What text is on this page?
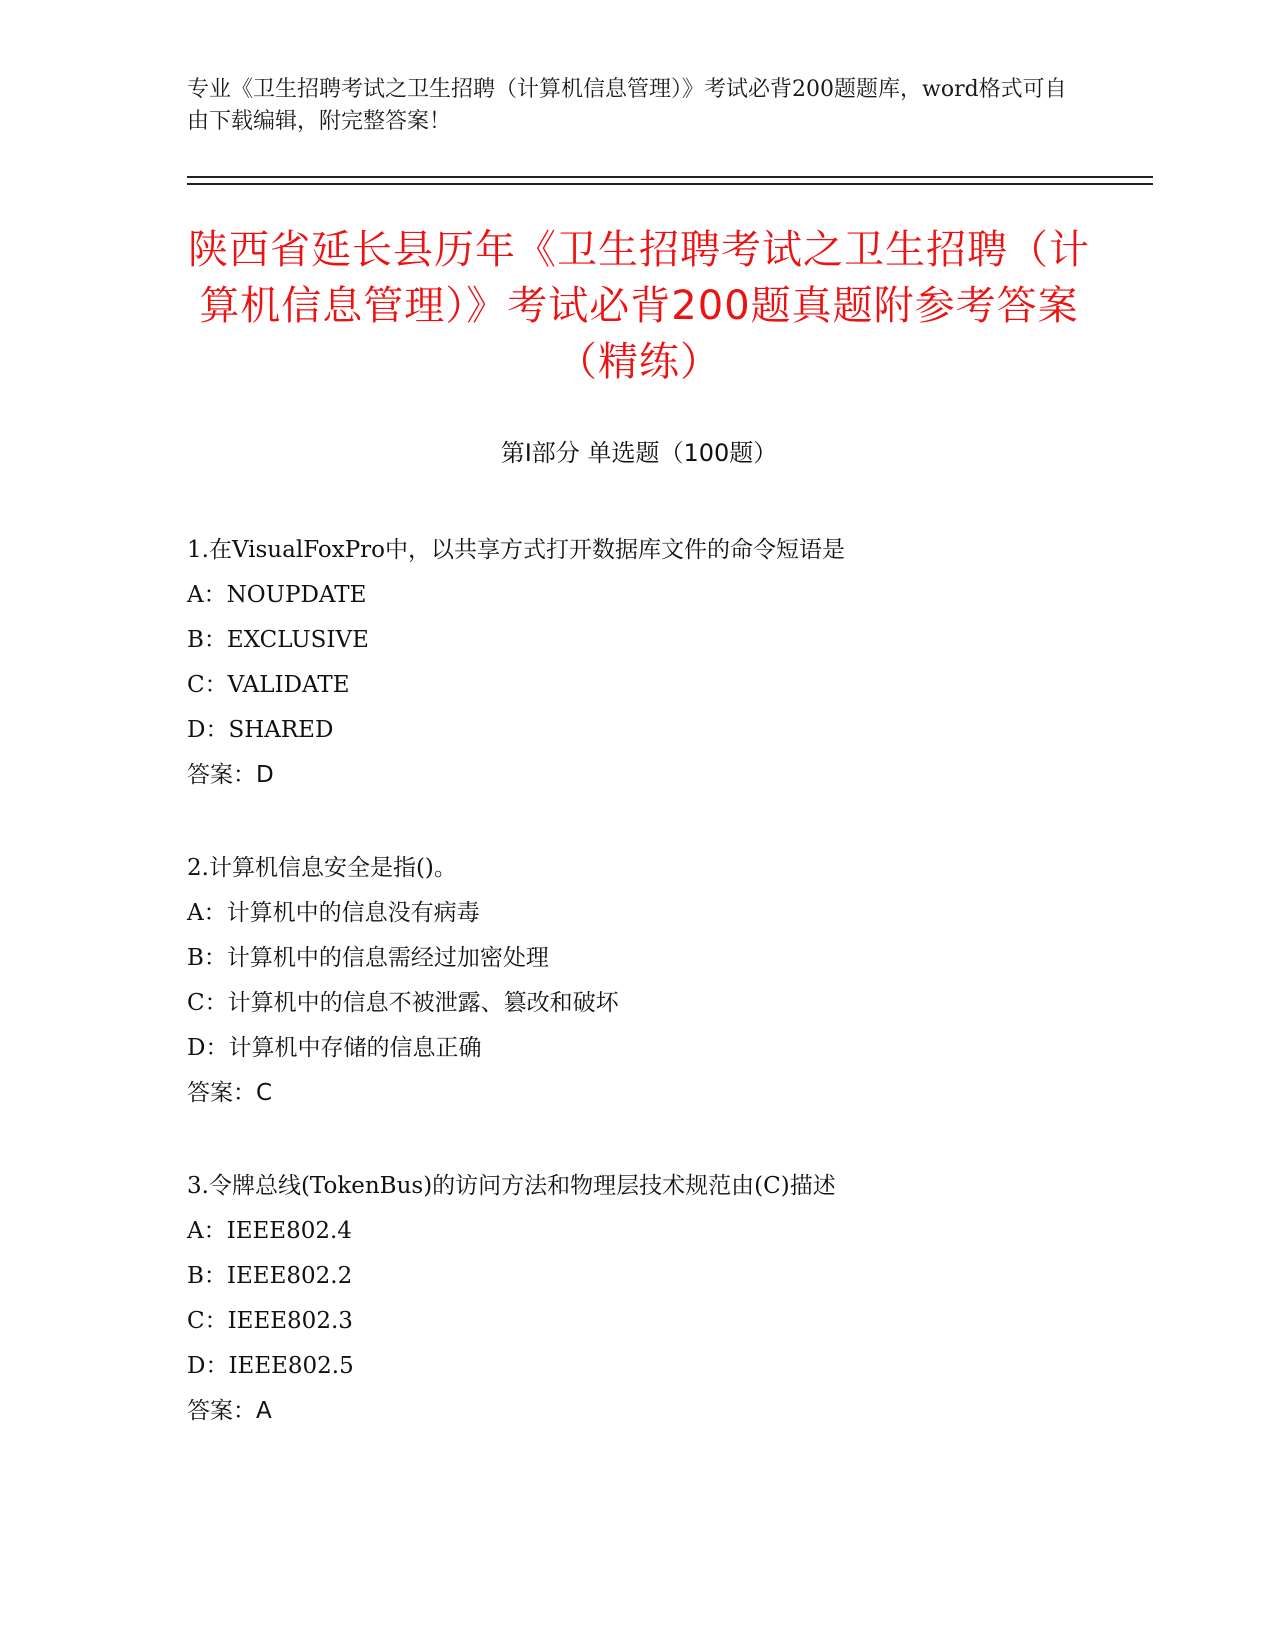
专业《卫生招聘考试之卫生招聘（计算机信息管理）》考试必背200题题库，word格式可自由下载编辑，附完整答案！
陕西省延长县历年《卫生招聘考试之卫生招聘（计算机信息管理）》考试必背200题真题附参考答案（精练）
第Ⅰ部分 单选题（100题）
1.在VisualFoxPro中，以共享方式打开数据库文件的命令短语是
A：NOUPDATE
B：EXCLUSIVE
C：VALIDATE
D：SHARED
答案：D
2.计算机信息安全是指()。
A：计算机中的信息没有病毒
B：计算机中的信息需经过加密处理
C：计算机中的信息不被泄露、篡改和破坏
D：计算机中存储的信息正确
答案：C
3.令牌总线(TokenBus)的访问方法和物理层技术规范由(C)描述
A：IEEE802.4
B：IEEE802.2
C：IEEE802.3
D：IEEE802.5
答案：A
